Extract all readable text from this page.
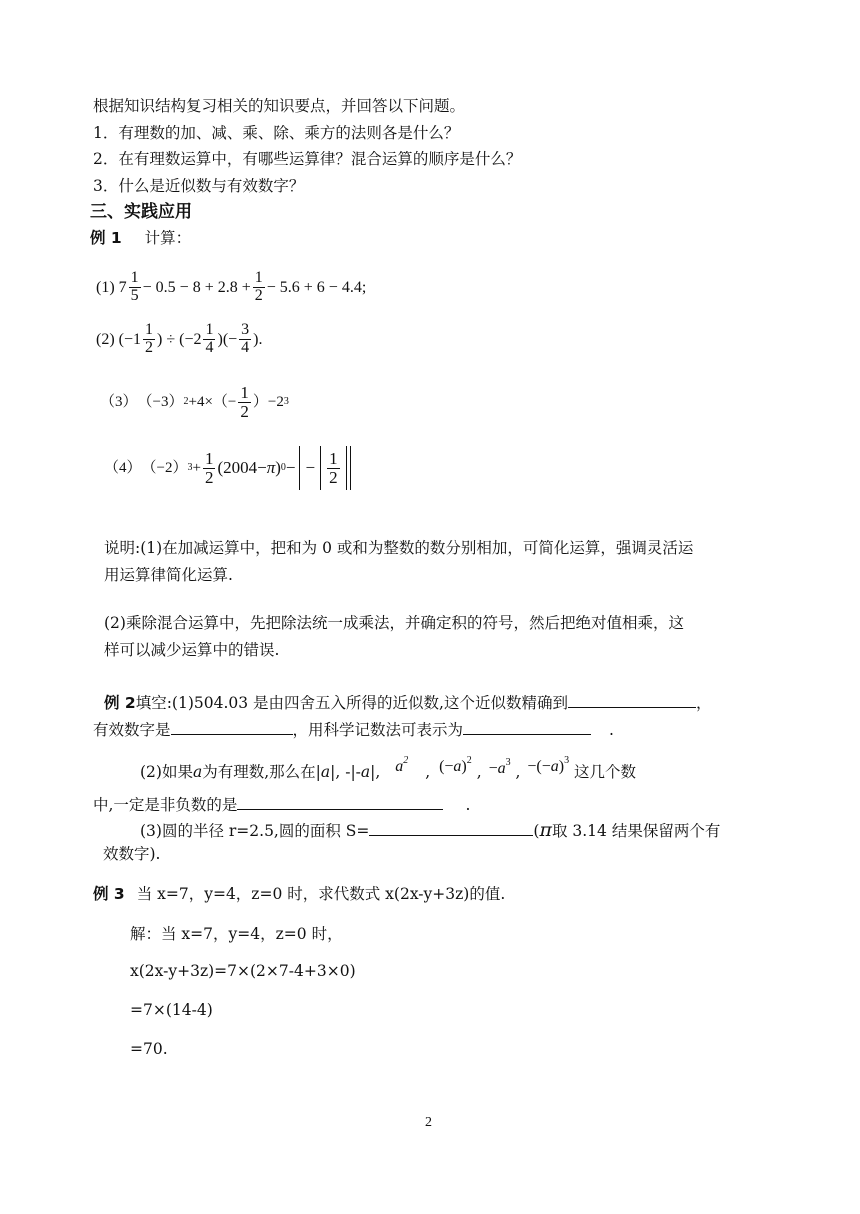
根据知识结构复习相关的知识要点，并回答以下问题。
1．有理数的加、减、乘、除、乘方的法则各是什么？
2．在有理数运算中，有哪些运算律？混合运算的顺序是什么？
3．什么是近似数与有效数字？
三、实践应用
例 1 计算：
(1)
$7 \frac{1}{5} - 0.5 - 8 + 2.8 + \frac{1}{2} - 5.6 + 6 - 4.4$;
(2)
($-1 \frac{1}{2}$ ) ÷ ($-2 \frac{1}{4}$ )(− $\frac{3}{4}$ ).
（3） （−3） $2 +4\times(- \frac{1}{2} )-2$ 3
（4） （−2） $3 + \frac{1}{2} (2004- \pi$ ) 0 − − $\frac{1}{2}$
说明:(1)在加减运算中，把和为 0 或和为整数的数分别相加，可简化运算，强调灵活运
用运算律简化运算.
(2)乘除混合运算中，先把除法统一成乘法，并确定积的符号，然后把绝对值相乘，这
样可以减少运算中的错误.
例 2填空:(1)504.03 是由四舍五入所得的近似数,这个近似数精确到	，
有效数字是	，用科学记数法可表示为	.
(2)如果a为有理数,那么在|a|, -|-a|, $a^2$
, (− a )$^2$
, − $a^3$
, −(− a )$^3$
这几个数
中,一定是非负数的是	.
(3)圆的半径 r=2.5,圆的面积 S=	(π取 3.14 结果保留两个有
效数字).
例 3 当 x=7，y=4，z=0 时，求代数式 x(2x-y+3z)的值.
解：当 x=7，y=4，z=0 时，
x(2x-y+3z)=7×(2×7-4+3×0)
=7×(14-4)
=70.
2
